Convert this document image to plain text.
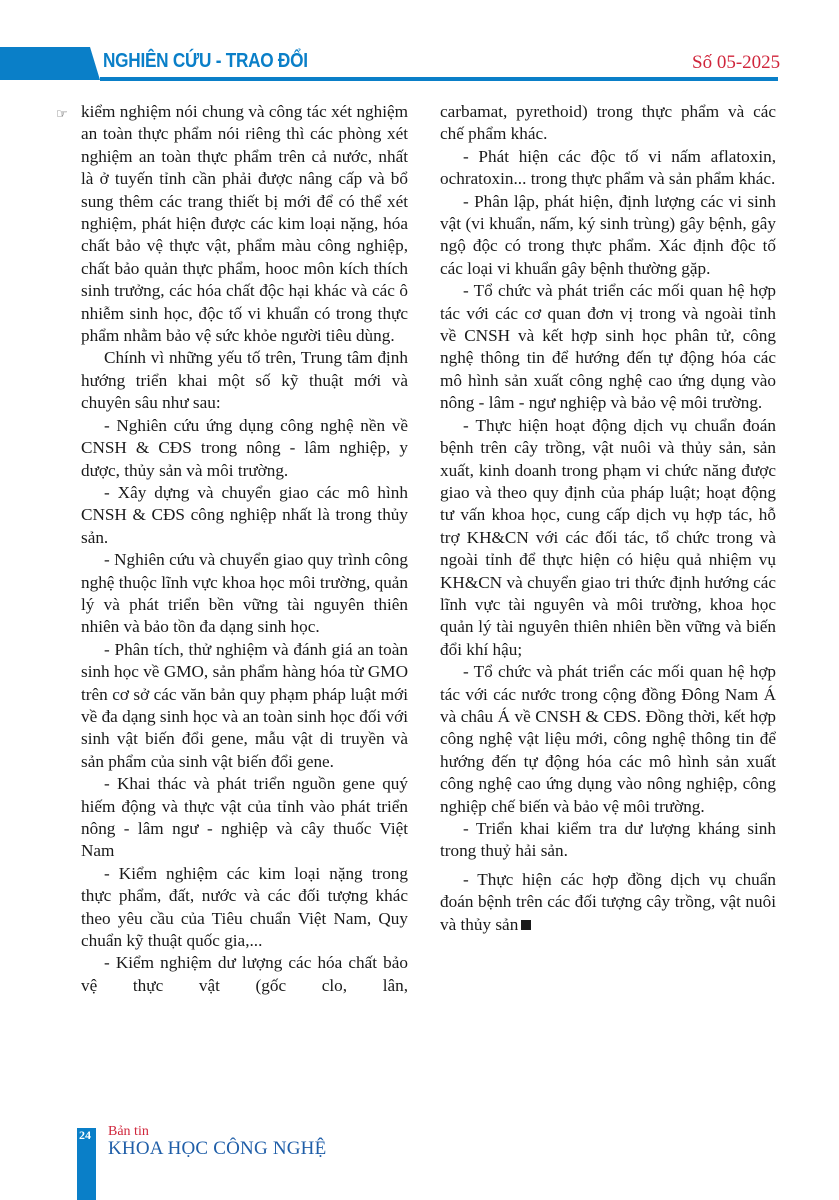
NGHIÊN CỨU - TRAO ĐỔI	Số 05-2025
☞ kiểm nghiệm nói chung và công tác xét nghiệm an toàn thực phẩm nói riêng thì các phòng xét nghiệm an toàn thực phẩm trên cả nước, nhất là ở tuyến tỉnh cần phải được nâng cấp và bổ sung thêm các trang thiết bị mới để có thể xét nghiệm, phát hiện được các kim loại nặng, hóa chất bảo vệ thực vật, phẩm màu công nghiệp, chất bảo quản thực phẩm, hooc môn kích thích sinh trưởng, các hóa chất độc hại khác và các ô nhiễm sinh học, độc tố vi khuẩn có trong thực phẩm nhằm bảo vệ sức khỏe người tiêu dùng.

Chính vì những yếu tố trên, Trung tâm định hướng triển khai một số kỹ thuật mới và chuyên sâu như sau:

- Nghiên cứu ứng dụng công nghệ nền về CNSH & CĐS trong nông - lâm nghiệp, y dược, thủy sản và môi trường.

- Xây dựng và chuyển giao các mô hình CNSH & CĐS công nghiệp nhất là trong thủy sản.

- Nghiên cứu và chuyển giao quy trình công nghệ thuộc lĩnh vực khoa học môi trường, quản lý và phát triển bền vững tài nguyên thiên nhiên và bảo tồn đa dạng sinh học.

- Phân tích, thử nghiệm và đánh giá an toàn sinh học về GMO, sản phẩm hàng hóa từ GMO trên cơ sở các văn bản quy phạm pháp luật mới về đa dạng sinh học và an toàn sinh học đối với sinh vật biến đổi gene, mẫu vật di truyền và sản phẩm của sinh vật biến đổi gene.

- Khai thác và phát triển nguồn gene quý hiếm động và thực vật của tỉnh vào phát triển nông - lâm ngư - nghiệp và cây thuốc Việt Nam

- Kiểm nghiệm các kim loại nặng trong thực phẩm, đất, nước và các đối tượng khác theo yêu cầu của Tiêu chuẩn Việt Nam, Quy chuẩn kỹ thuật quốc gia,...

- Kiểm nghiệm dư lượng các hóa chất bảo vệ thực vật (gốc clo, lân,

carbamat, pyrethoid) trong thực phẩm và các chế phẩm khác.

- Phát hiện các độc tố vi nấm aflatoxin, ochratoxin... trong thực phẩm và sản phẩm khác.

- Phân lập, phát hiện, định lượng các vi sinh vật (vi khuẩn, nấm, ký sinh trùng) gây bệnh, gây ngộ độc có trong thực phẩm. Xác định độc tố các loại vi khuẩn gây bệnh thường gặp.

- Tổ chức và phát triển các mối quan hệ hợp tác với các cơ quan đơn vị trong và ngoài tỉnh về CNSH và kết hợp sinh học phân tử, công nghệ thông tin để hướng đến tự động hóa các mô hình sản xuất công nghệ cao ứng dụng vào nông - lâm - ngư nghiệp và bảo vệ môi trường.

- Thực hiện hoạt động dịch vụ chuẩn đoán bệnh trên cây trồng, vật nuôi và thủy sản, sản xuất, kinh doanh trong phạm vi chức năng được giao và theo quy định của pháp luật; hoạt động tư vấn khoa học, cung cấp dịch vụ hợp tác, hỗ trợ KH&CN với các đối tác, tổ chức trong và ngoài tỉnh để thực hiện có hiệu quả nhiệm vụ KH&CN và chuyển giao tri thức định hướng các lĩnh vực tài nguyên và môi trường, khoa học quản lý tài nguyên thiên nhiên bền vững và biến đổi khí hậu;

- Tổ chức và phát triển các mối quan hệ hợp tác với các nước trong cộng đồng Đông Nam Á và châu Á về CNSH & CĐS. Đồng thời, kết hợp công nghệ vật liệu mới, công nghệ thông tin để hướng đến tự động hóa các mô hình sản xuất công nghệ cao ứng dụng vào nông nghiệp, công nghiệp chế biến và bảo vệ môi trường.

- Triển khai kiểm tra dư lượng kháng sinh trong thuỷ hải sản.

- Thực hiện các hợp đồng dịch vụ chuẩn đoán bệnh trên các đối tượng cây trồng, vật nuôi và thủy sản

24 Bản tin
KHOA HỌC CÔNG NGHỆ
